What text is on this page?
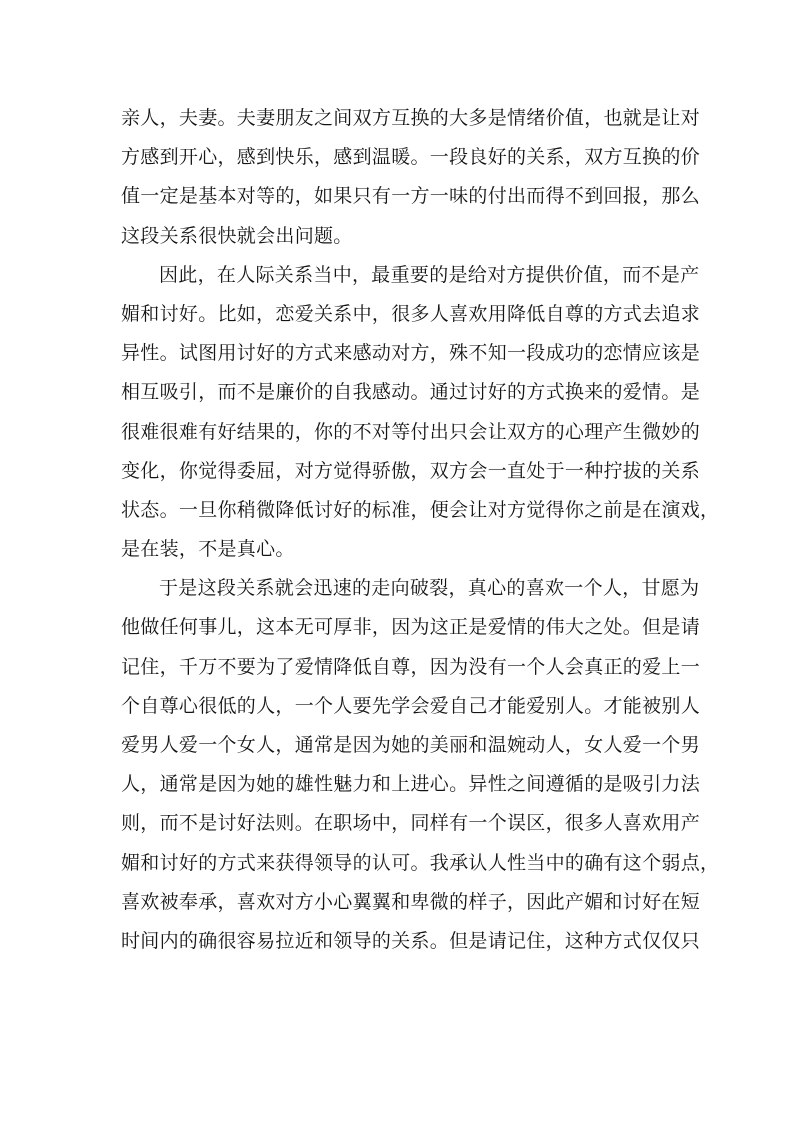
亲人，夫妻。夫妻朋友之间双方互换的大多是情绪价值，也就是让对
方感到开心，感到快乐，感到温暖。一段良好的关系，双方互换的价
值一定是基本对等的，如果只有一方一味的付出而得不到回报，那么
这段关系很快就会出问题。
因此，在人际关系当中，最重要的是给对方提供价值，而不是产
媚和讨好。比如，恋爱关系中，很多人喜欢用降低自尊的方式去追求
异性。试图用讨好的方式来感动对方，殊不知一段成功的恋情应该是
相互吸引，而不是廉价的自我感动。通过讨好的方式换来的爱情。是
很难很难有好结果的，你的不对等付出只会让双方的心理产生微妙的
变化，你觉得委屈，对方觉得骄傲，双方会一直处于一种拧拔的关系
状态。一旦你稍微降低讨好的标准，便会让对方觉得你之前是在演戏，
是在装，不是真心。
于是这段关系就会迅速的走向破裂，真心的喜欢一个人，甘愿为
他做任何事儿，这本无可厚非，因为这正是爱情的伟大之处。但是请
记住，千万不要为了爱情降低自尊，因为没有一个人会真正的爱上一
个自尊心很低的人，一个人要先学会爱自己才能爱别人。才能被别人
爱男人爱一个女人，通常是因为她的美丽和温婉动人，女人爱一个男
人，通常是因为她的雄性魅力和上进心。异性之间遵循的是吸引力法
则，而不是讨好法则。在职场中，同样有一个误区，很多人喜欢用产
媚和讨好的方式来获得领导的认可。我承认人性当中的确有这个弱点，
喜欢被奉承，喜欢对方小心翼翼和卑微的样子，因此产媚和讨好在短
时间内的确很容易拉近和领导的关系。但是请记住，这种方式仅仅只
